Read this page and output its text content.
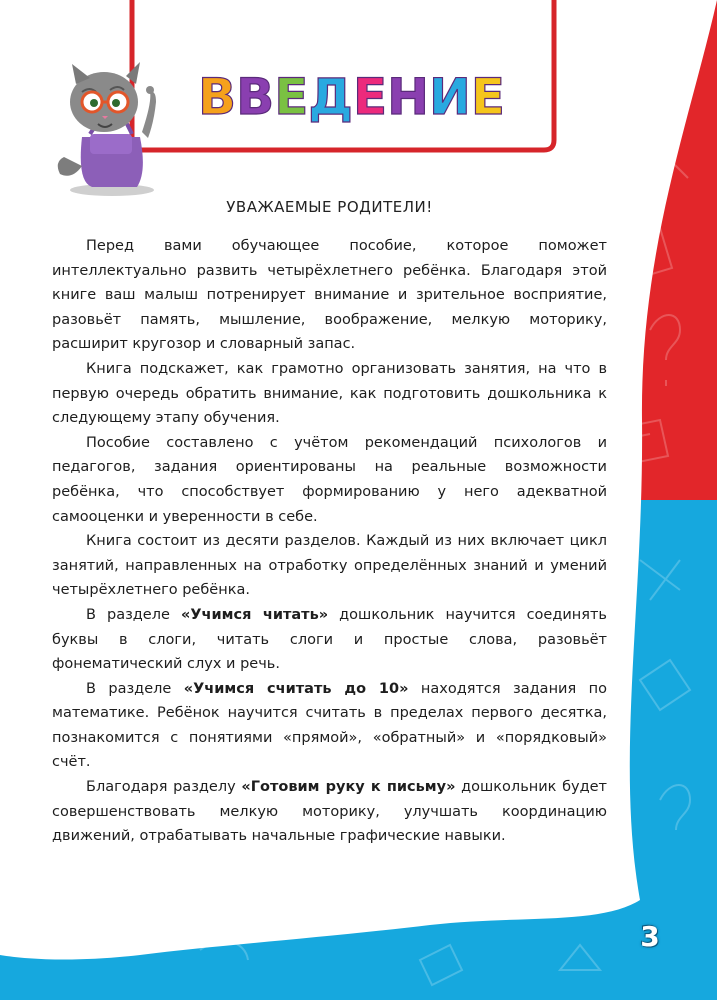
ВВЕДЕНИЕ

УВАЖАЕМЫЕ РОДИТЕЛИ!

Перед вами обучающее пособие, которое поможет интеллектуально развить четырёхлетнего ребёнка. Благодаря этой книге ваш малыш потренирует внимание и зрительное восприятие, разовьёт память, мышление, воображение, мелкую моторику, расширит кругозор и словарный запас.

Книга подскажет, как грамотно организовать занятия, на что в первую очередь обратить внимание, как подготовить дошкольника к следующему этапу обучения.

Пособие составлено с учётом рекомендаций психологов и педагогов, задания ориентированы на реальные возможности ребёнка, что способствует формированию у него адекватной самооценки и уверенности в себе.

Книга состоит из десяти разделов. Каждый из них включает цикл занятий, направленных на отработку определённых знаний и умений четырёхлетнего ребёнка.

В разделе «Учимся читать» дошкольник научится соединять буквы в слоги, читать слоги и простые слова, разовьёт фонематический слух и речь.

В разделе «Учимся считать до 10» находятся задания по математике. Ребёнок научится считать в пределах первого десятка, познакомится с понятиями «прямой», «обратный» и «порядковый» счёт.

Благодаря разделу «Готовим руку к письму» дошкольник будет совершенствовать мелкую моторику, улучшать координацию движений, отрабатывать начальные графические навыки.

3
